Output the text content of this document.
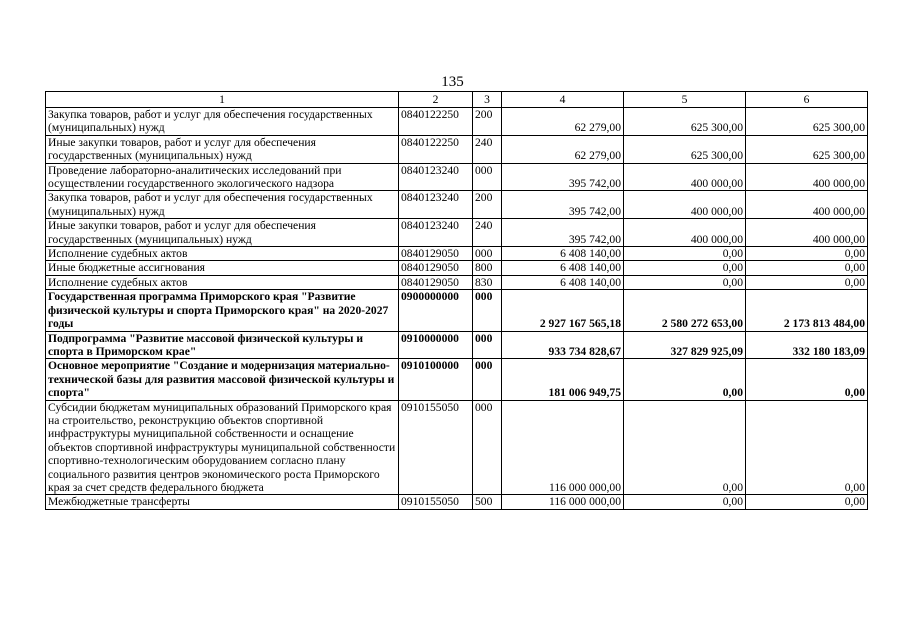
135
1	2	3	4	5	6
Закупка товаров, работ и услуг для обеспечения государственных (муниципальных) нужд	0840122250	200	62 279,00	625 300,00	625 300,00
Иные закупки товаров, работ и услуг для обеспечения государственных (муниципальных) нужд	0840122250	240	62 279,00	625 300,00	625 300,00
Проведение лабораторно-аналитических исследований при осуществлении государственного экологического надзора	0840123240	000	395 742,00	400 000,00	400 000,00
Закупка товаров, работ и услуг для обеспечения государственных (муниципальных) нужд	0840123240	200	395 742,00	400 000,00	400 000,00
Иные закупки товаров, работ и услуг для обеспечения государственных (муниципальных) нужд	0840123240	240	395 742,00	400 000,00	400 000,00
Исполнение судебных актов	0840129050	000	6 408 140,00	0,00	0,00
Иные бюджетные ассигнования	0840129050	800	6 408 140,00	0,00	0,00
Исполнение судебных актов	0840129050	830	6 408 140,00	0,00	0,00
Государственная программа Приморского края "Развитие физической культуры и спорта Приморского края" на 2020-2027 годы	0900000000	000	2 927 167 565,18	2 580 272 653,00	2 173 813 484,00
Подпрограмма "Развитие массовой физической культуры и спорта в Приморском крае"	0910000000	000	933 734 828,67	327 829 925,09	332 180 183,09
Основное мероприятие "Создание и модернизация материально-технической базы для развития массовой физической культуры и спорта"	0910100000	000	181 006 949,75	0,00	0,00
Субсидии бюджетам муниципальных образований Приморского края на строительство, реконструкцию объектов спортивной инфраструктуры муниципальной собственности и оснащение объектов спортивной инфраструктуры муниципальной собственности спортивно-технологическим оборудованием согласно плану социального развития центров экономического роста Приморского края за счет средств федерального бюджета	0910155050	000	116 000 000,00	0,00	0,00
Межбюджетные трансферты	0910155050	500	116 000 000,00	0,00	0,00
